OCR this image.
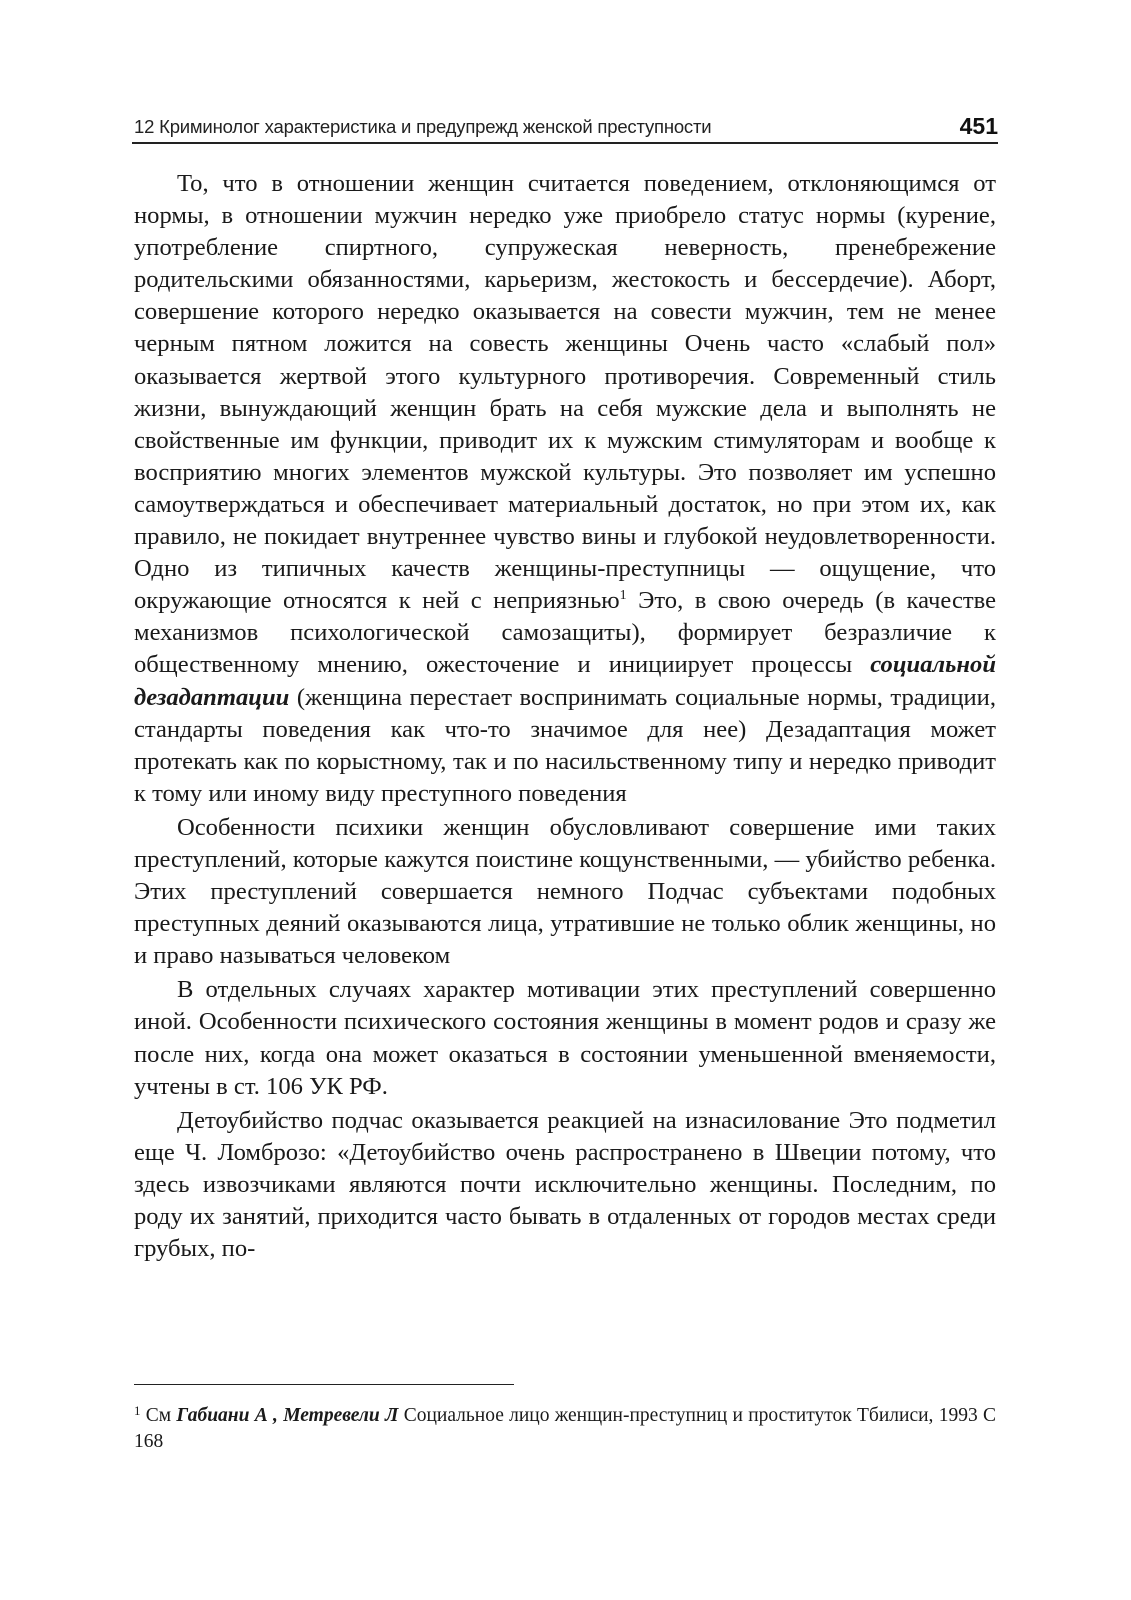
12 Криминолог характеристика и предупрежд женской преступности	451

То, что в отношении женщин считается поведением, отклоняющимся от нормы, в отношении мужчин нередко уже приобрело статус нормы (курение, употребление спиртного, супружеская неверность, пренебрежение родительскими обязанностями, карьеризм, жестокость и бессердечие). Аборт, совершение которого нередко оказывается на совести мужчин, тем не менее черным пятном ложится на совесть женщины Очень часто «слабый пол» оказывается жертвой этого культурного противоречия. Современный стиль жизни, вынуждающий женщин брать на себя мужские дела и выполнять не свойственные им функции, приводит их к мужским стимуляторам и вообще к восприятию многих элементов мужской культуры. Это позволяет им успешно самоутверждаться и обеспечивает материальный достаток, но при этом их, как правило, не покидает внутреннее чувство вины и глубокой неудовлетворенности. Одно из типичных качеств женщины-преступницы — ощущение, что окружающие относятся к ней с неприязнью$^1$ Это, в свою очередь (в качестве механизмов психологической самозащиты), формирует безразличие к общественному мнению, ожесточение и инициирует процессы социальной дезадаптации (женщина перестает воспринимать социальные нормы, традиции, стандарты поведения как что-то значимое для нее) Дезадаптация может протекать как по корыстному, так и по насильственному типу и нередко приводит к тому или иному виду преступного поведения

Особенности психики женщин обусловливают совершение ими таких преступлений, которые кажутся поистине кощунственными, — убийство ребенка. Этих преступлений совершается немного Подчас субъектами подобных преступных деяний оказываются лица, утратившие не только облик женщины, но и право называться человеком

В отдельных случаях характер мотивации этих преступлений совершенно иной. Особенности психического состояния женщины в момент родов и сразу же после них, когда она может оказаться в состоянии уменьшенной вменяемости, учтены в ст. 106 УК РФ.

Детоубийство подчас оказывается реакцией на изнасилование Это подметил еще Ч. Ломброзо: «Детоубийство очень распространено в Швеции потому, что здесь извозчиками являются почти исключительно женщины. Последним, по роду их занятий, приходится часто бывать в отдаленных от городов местах среди грубых, по-

$^1$ См Габиани А , Метревели Л Социальное лицо женщин-преступниц и проституток Тбилиси, 1993 С 168
